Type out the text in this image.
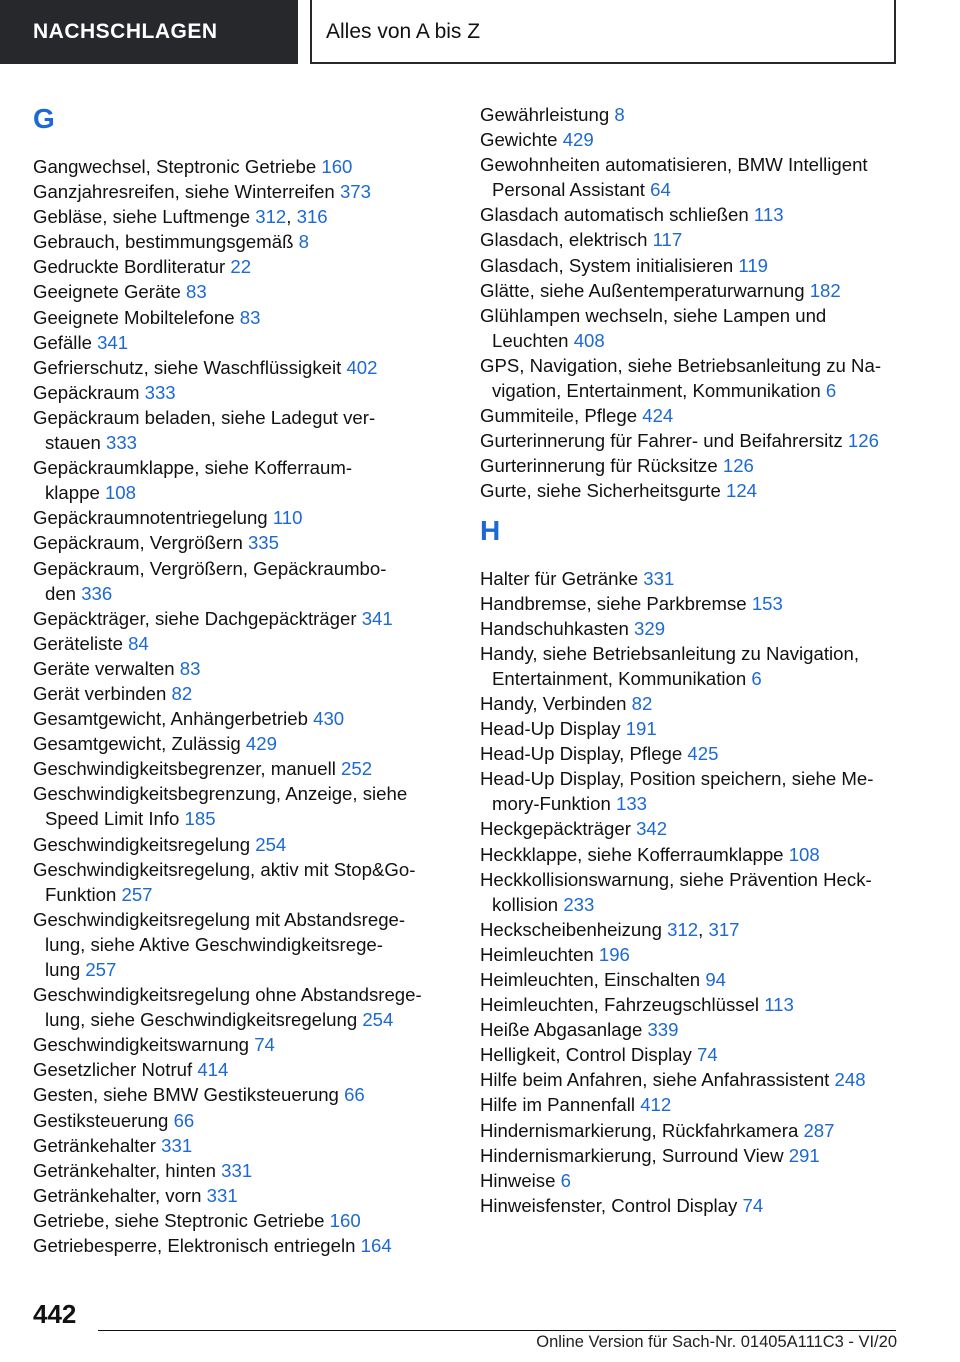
NACHSCHLAGEN	Alles von A bis Z
G
Gangwechsel, Steptronic Getriebe 160
Ganzjahresreifen, siehe Winterreifen 373
Gebläse, siehe Luftmenge 312, 316
Gebrauch, bestimmungsgemäß 8
Gedruckte Bordliteratur 22
Geeignete Geräte 83
Geeignete Mobiltelefone 83
Gefälle 341
Gefrierschutz, siehe Waschflüssigkeit 402
Gepäckraum 333
Gepäckraum beladen, siehe Ladegut ver-
stauen 333
Gepäckraumklappe, siehe Kofferraum-
klappe 108
Gepäckraumnotentriegelung 110
Gepäckraum, Vergrößern 335
Gepäckraum, Vergrößern, Gepäckraumbo-
den 336
Gepäckträger, siehe Dachgepäckträger 341
Geräteliste 84
Geräte verwalten 83
Gerät verbinden 82
Gesamtgewicht, Anhängerbetrieb 430
Gesamtgewicht, Zulässig 429
Geschwindigkeitsbegrenzer, manuell 252
Geschwindigkeitsbegrenzung, Anzeige, siehe
Speed Limit Info 185
Geschwindigkeitsregelung 254
Geschwindigkeitsregelung, aktiv mit Stop&Go-
Funktion 257
Geschwindigkeitsregelung mit Abstandsrege-
lung, siehe Aktive Geschwindigkeitsrege-
lung 257
Geschwindigkeitsregelung ohne Abstandsrege-
lung, siehe Geschwindigkeitsregelung 254
Geschwindigkeitswarnung 74
Gesetzlicher Notruf 414
Gesten, siehe BMW Gestiksteuerung 66
Gestiksteuerung 66
Getränkehalter 331
Getränkehalter, hinten 331
Getränkehalter, vorn 331
Getriebe, siehe Steptronic Getriebe 160
Getriebesperre, Elektronisch entriegeln 164
Gewährleistung 8
Gewichte 429
Gewohnheiten automatisieren, BMW Intelligent
Personal Assistant 64
Glasdach automatisch schließen 113
Glasdach, elektrisch 117
Glasdach, System initialisieren 119
Glätte, siehe Außentemperaturwarnung 182
Glühlampen wechseln, siehe Lampen und
Leuchten 408
GPS, Navigation, siehe Betriebsanleitung zu Na-
vigation, Entertainment, Kommunikation 6
Gummiteile, Pflege 424
Gurterinnerung für Fahrer- und Beifahrersitz 126
Gurterinnerung für Rücksitze 126
Gurte, siehe Sicherheitsgurte 124
H
Halter für Getränke 331
Handbremse, siehe Parkbremse 153
Handschuhkasten 329
Handy, siehe Betriebsanleitung zu Navigation,
Entertainment, Kommunikation 6
Handy, Verbinden 82
Head-Up Display 191
Head-Up Display, Pflege 425
Head-Up Display, Position speichern, siehe Me-
mory-Funktion 133
Heckgepäckträger 342
Heckklappe, siehe Kofferraumklappe 108
Heckkollisionswarnung, siehe Prävention Heck-
kollision 233
Heckscheibenheizung 312, 317
Heimleuchten 196
Heimleuchten, Einschalten 94
Heimleuchten, Fahrzeugschlüssel 113
Heiße Abgasanlage 339
Helligkeit, Control Display 74
Hilfe beim Anfahren, siehe Anfahrassistent 248
Hilfe im Pannenfall 412
Hindernismarkierung, Rückfahrkamera 287
Hindernismarkierung, Surround View 291
Hinweise 6
Hinweisfenster, Control Display 74
442
Online Version für Sach-Nr. 01405A111C3 - VI/20
